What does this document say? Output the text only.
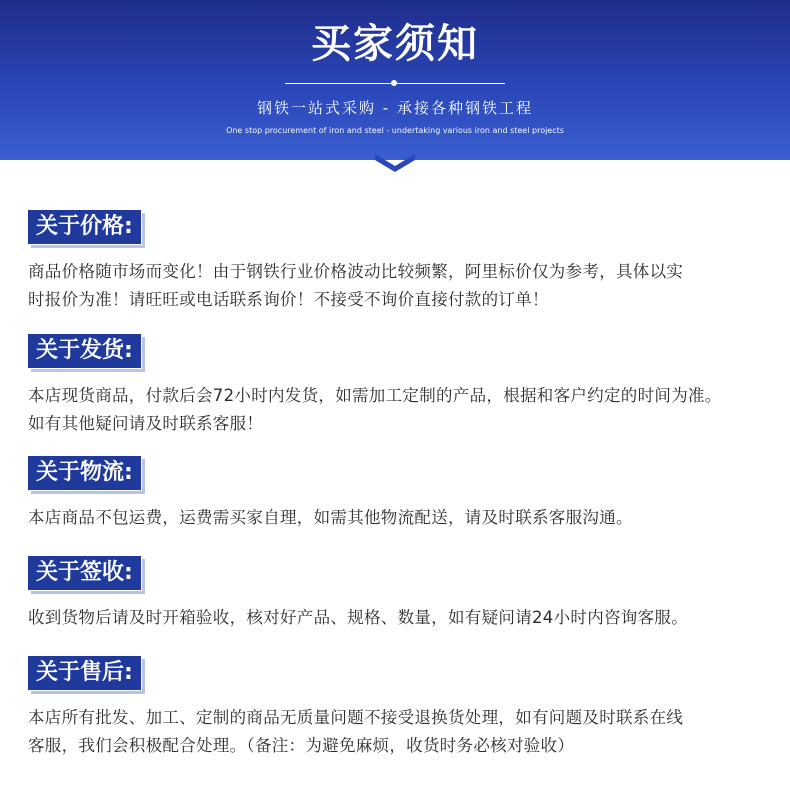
买家须知
钢铁一站式采购 - 承接各种钢铁工程
One stop procurement of iron and steel - undertaking various iron and steel projects
关于价格:

商品价格随市场而变化！由于钢铁行业价格波动比较频繁，阿里标价仅为参考，具体以实

时报价为准！请旺旺或电话联系询价！不接受不询价直接付款的订单！

关于发货:

本店现货商品，付款后会72小时内发货，如需加工定制的产品，根据和客户约定的时间为准。

如有其他疑问请及时联系客服！

关于物流:

本店商品不包运费，运费需买家自理，如需其他物流配送，请及时联系客服沟通。

关于签收:

收到货物后请及时开箱验收，核对好产品、规格、数量，如有疑问请24小时内咨询客服。

关于售后:

本店所有批发、加工、定制的商品无质量问题不接受退换货处理，如有问题及时联系在线

客服，我们会积极配合处理。（备注：为避免麻烦，收货时务必核对验收）
